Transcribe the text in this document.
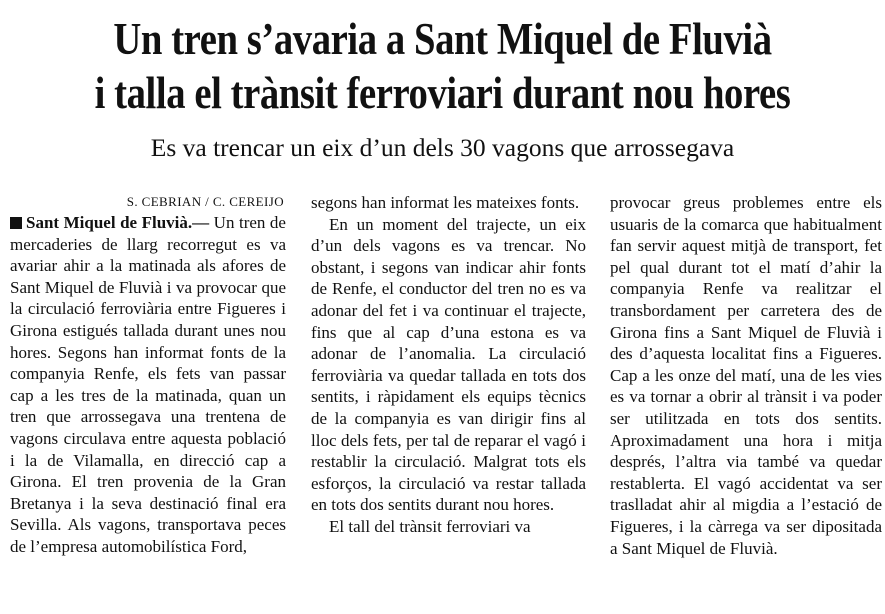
Un tren s’avaria a Sant Miquel de Fluvià
i talla el trànsit ferroviari durant nou hores
Es va trencar un eix d’un dels 30 vagons que arrossegava
S. CEBRIAN / C. CEREIJO

Sant Miquel de Fluvià.— Un tren de mercaderies de llarg recorregut es va avariar ahir a la matinada als afores de Sant Miquel de Fluvià i va provocar que la circulació ferroviària entre Figueres i Girona estigués tallada durant unes nou hores. Segons han informat fonts de la companyia Renfe, els fets van passar cap a les tres de la matinada, quan un tren que arrossegava una trentena de vagons circulava entre aquesta població i la de Vilamalla, en direcció cap a Girona. El tren provenia de la Gran Bretanya i la seva destinació final era Sevilla. Als vagons, transportava peces de l’empresa automobilística Ford,

segons han informat les mateixes fonts.

En un moment del trajecte, un eix d’un dels vagons es va trencar. No obstant, i segons van indicar ahir fonts de Renfe, el conductor del tren no es va adonar del fet i va continuar el trajecte, fins que al cap d’una estona es va adonar de l’anomalia. La circulació ferroviària va quedar tallada en tots dos sentits, i ràpidament els equips tècnics de la companyia es van dirigir fins al lloc dels fets, per tal de reparar el vagó i restablir la circulació. Malgrat tots els esforços, la circulació va restar tallada en tots dos sentits durant nou hores.

El tall del trànsit ferroviari va

provocar greus problemes entre els usuaris de la comarca que habitualment fan servir aquest mitjà de transport, fet pel qual durant tot el matí d’ahir la companyia Renfe va realitzar el transbordament per carretera des de Girona fins a Sant Miquel de Fluvià i des d’aquesta localitat fins a Figueres. Cap a les onze del matí, una de les vies es va tornar a obrir al trànsit i va poder ser utilitzada en tots dos sentits. Aproximadament una hora i mitja després, l’altra via també va quedar restablerta. El vagó accidentat va ser traslladat ahir al migdia a l’estació de Figueres, i la càrrega va ser dipositada a Sant Miquel de Fluvià.
